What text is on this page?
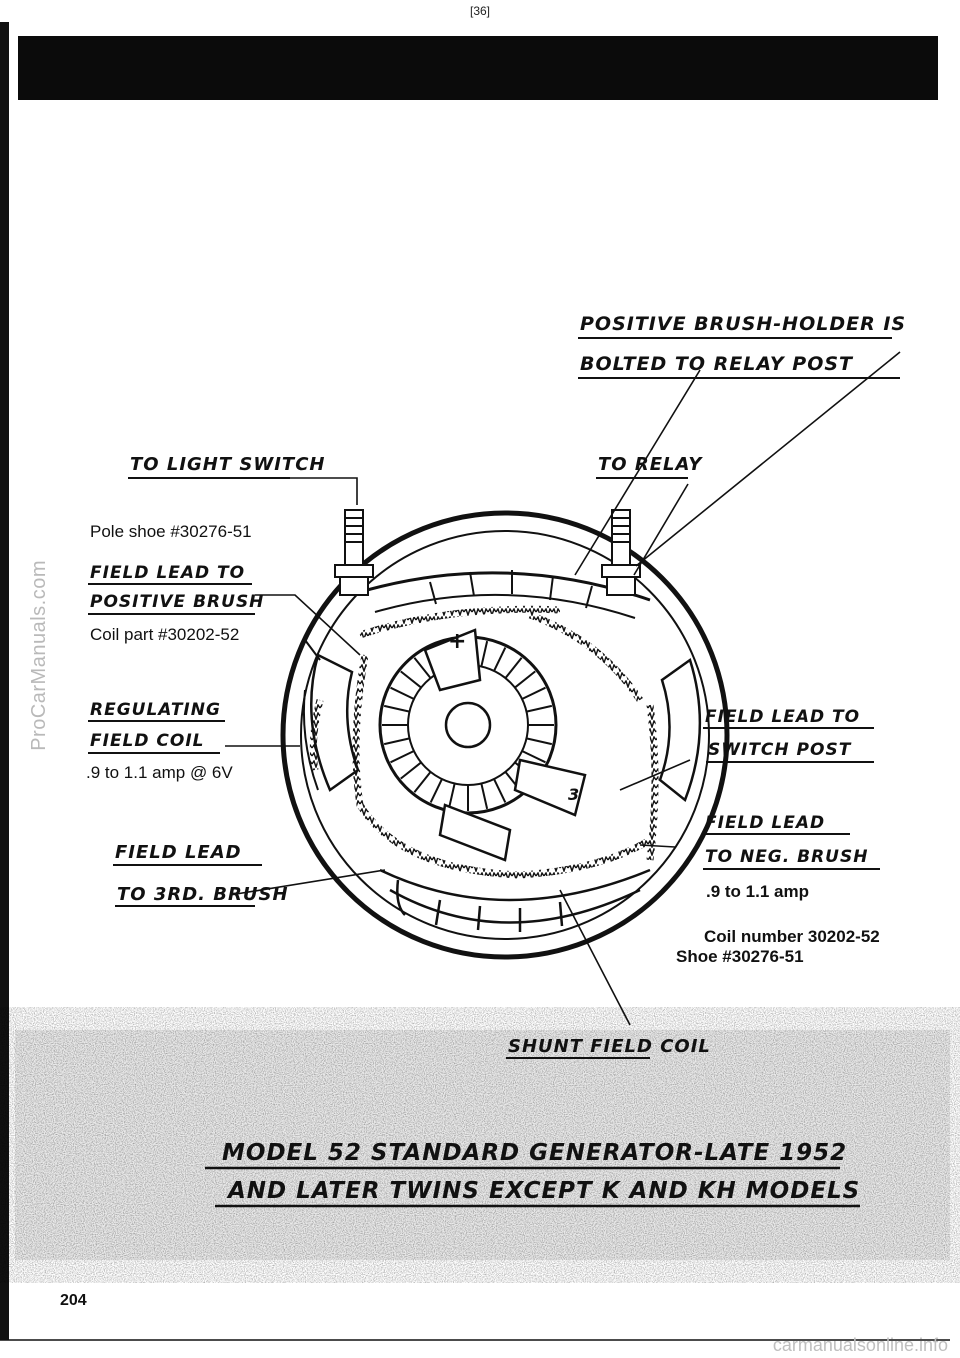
[36]
ProCarManuals.com	+
3
POSITIVE BRUSH-HOLDER IS
BOLTED TO RELAY POST
TO LIGHT SWITCH	TO RELAY
Pole shoe #30276-51
FIELD LEAD TO
POSITIVE BRUSH
Coil part #30202-52
REGULATING
FIELD COIL
.9 to 1.1 amp @ 6V
FIELD LEAD TO
SWITCH POST
FIELD LEAD
TO NEG. BRUSH
.9 to 1.1 amp
Coil number 30202-52
Shoe #30276-51
FIELD LEAD
TO 3RD. BRUSH
SHUNT FIELD COIL
MODEL 52 STANDARD GENERATOR-LATE 1952
AND LATER TWINS EXCEPT K AND KH MODELS
204
carmanualsonline.info
